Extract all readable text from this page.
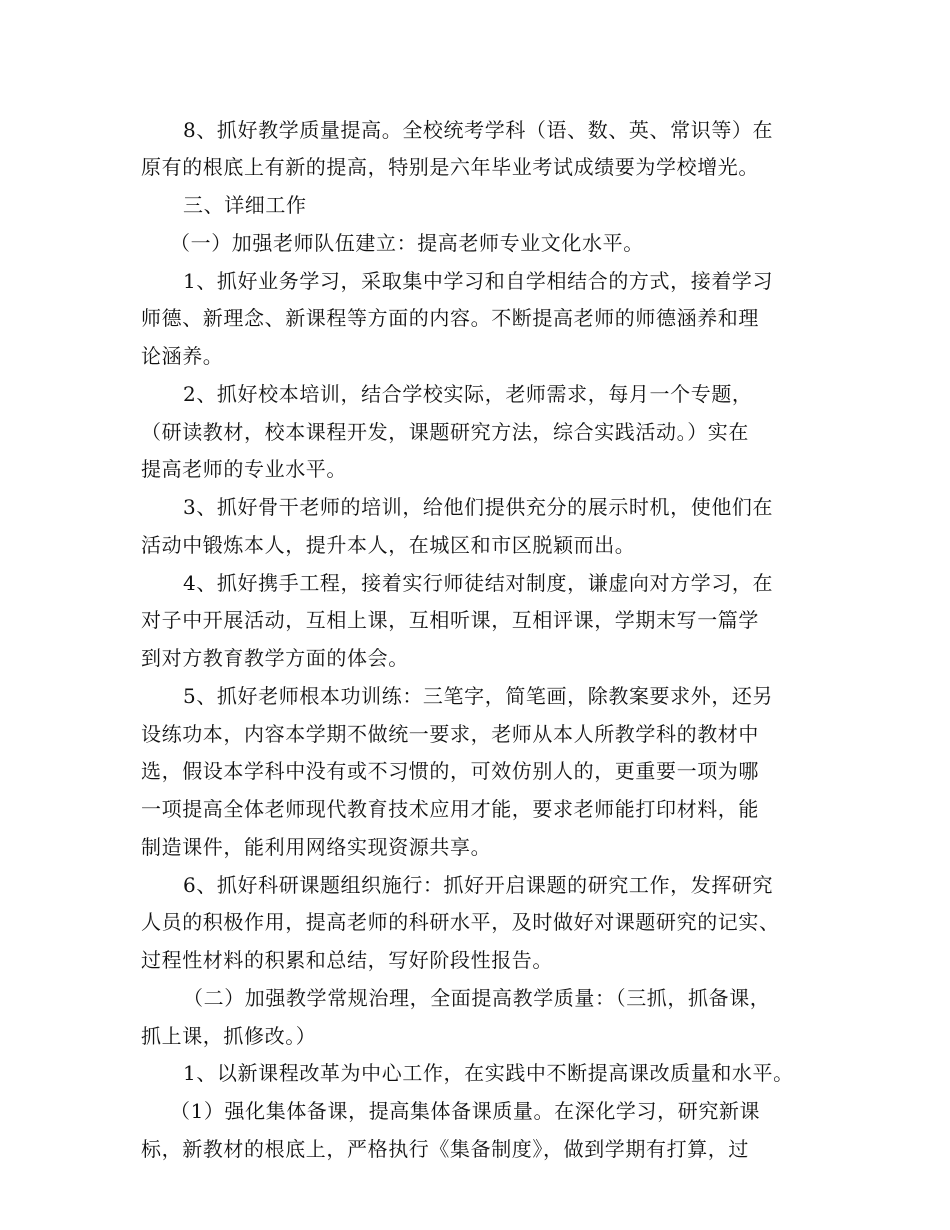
8、抓好教学质量提高。全校统考学科（语、数、英、常识等）在
原有的根底上有新的提高，特别是六年毕业考试成绩要为学校增光。
三、详细工作
（一）加强老师队伍建立：提高老师专业文化水平。
1、抓好业务学习，采取集中学习和自学相结合的方式，接着学习
师德、新理念、新课程等方面的内容。不断提高老师的师德涵养和理
论涵养。
2、抓好校本培训，结合学校实际，老师需求，每月一个专题，
（研读教材，校本课程开发，课题研究方法，综合实践活动。）实在
提高老师的专业水平。
3、抓好骨干老师的培训，给他们提供充分的展示时机，使他们在
活动中锻炼本人，提升本人，在城区和市区脱颖而出。
4、抓好携手工程，接着实行师徒结对制度，谦虚向对方学习，在
对子中开展活动，互相上课，互相听课，互相评课，学期末写一篇学
到对方教育教学方面的体会。
5、抓好老师根本功训练：三笔字，简笔画，除教案要求外，还另
设练功本，内容本学期不做统一要求，老师从本人所教学科的教材中
选，假设本学科中没有或不习惯的，可效仿别人的，更重要一项为哪
一项提高全体老师现代教育技术应用才能，要求老师能打印材料，能
制造课件，能利用网络实现资源共享。
6、抓好科研课题组织施行：抓好开启课题的研究工作，发挥研究
人员的积极作用，提高老师的科研水平，及时做好对课题研究的记实、
过程性材料的积累和总结，写好阶段性报告。
（二）加强教学常规治理，全面提高教学质量：（三抓，抓备课，
抓上课，抓修改。）
1、以新课程改革为中心工作，在实践中不断提高课改质量和水平。
（1）强化集体备课，提高集体备课质量。在深化学习，研究新课
标，新教材的根底上，严格执行《集备制度》，做到学期有打算，过
